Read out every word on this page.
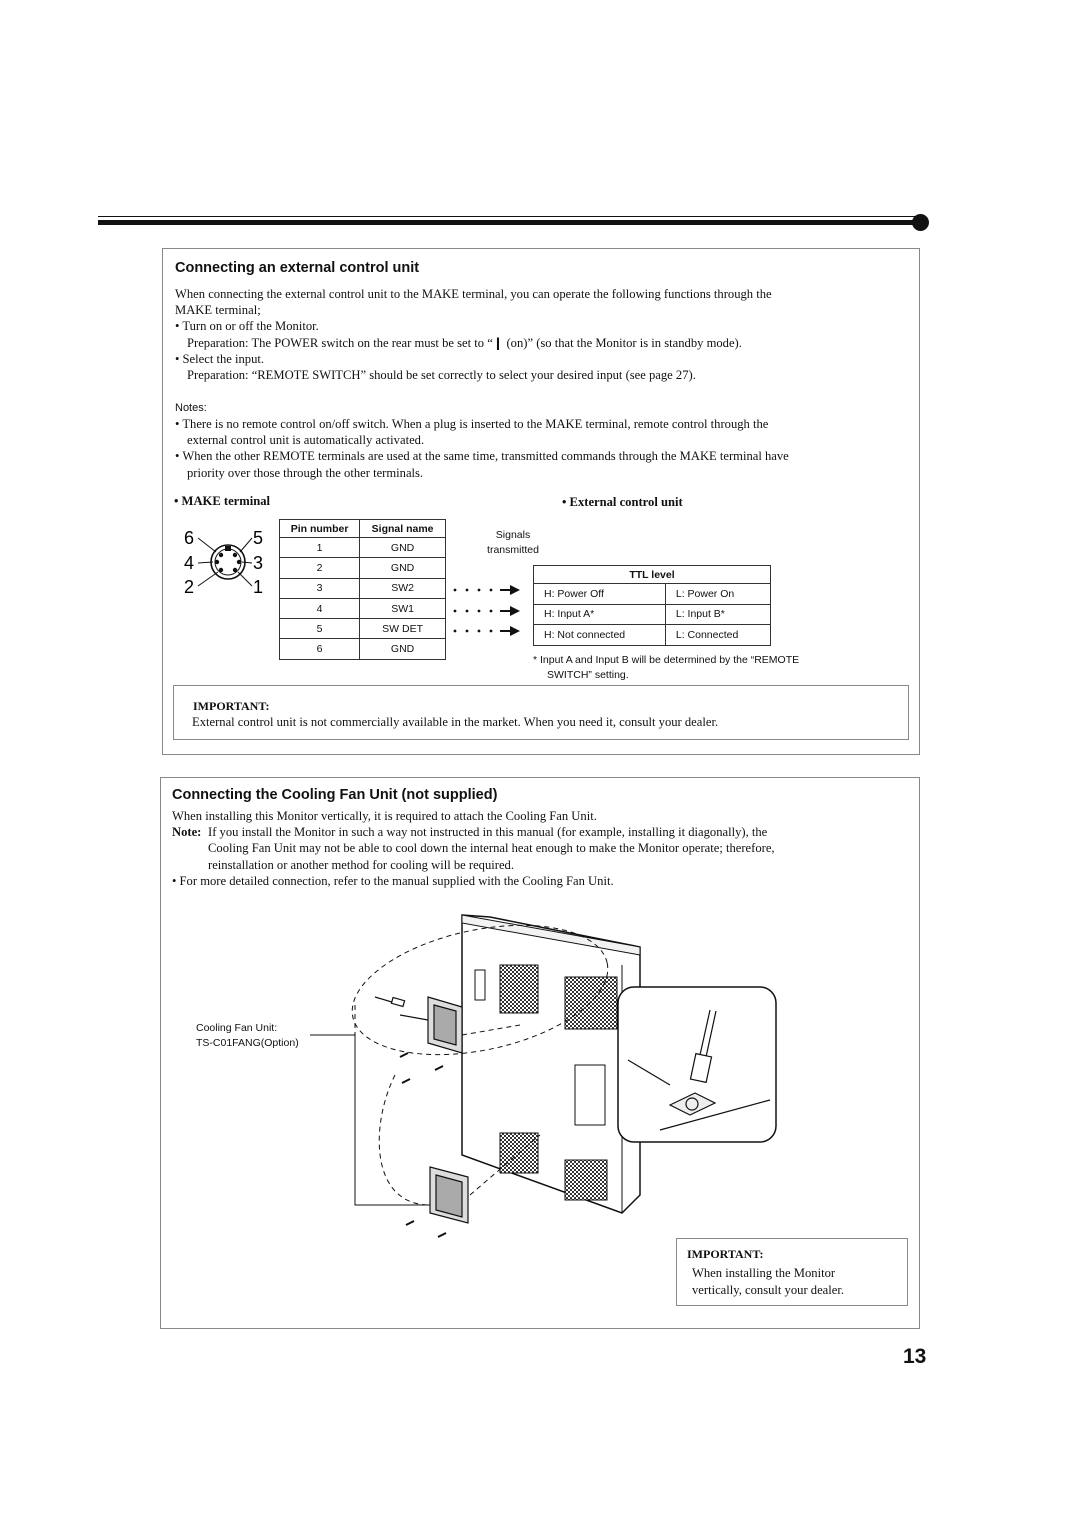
Connecting an external control unit
When connecting the external control unit to the MAKE terminal, you can operate the following functions through the
MAKE terminal;
• Turn on or off the Monitor.
Preparation: The POWER switch on the rear must be set to “❙ (on)” (so that the Monitor is in standby mode).
• Select the input.
Preparation: “REMOTE SWITCH” should be set correctly to select your desired input (see page 27).
Notes:
• There is no remote control on/off switch. When a plug is inserted to the MAKE terminal, remote control through the
external control unit is automatically activated.
• When the other REMOTE terminals are used at the same time, transmitted commands through the MAKE terminal have
priority over those through the other terminals.
• MAKE terminal	• External control unit
6	5
4	3
2	1
Pin number	Signal name
1	GND
2	GND
3	SW2
4	SW1
5	SW DET
6	GND
Signals
transmitted
TTL level	
H: Power Off	L: Power On
H: Input A*	L: Input B*
H: Not connected	L: Connected
* Input A and Input B will be determined by the “REMOTE
SWITCH” setting.
IMPORTANT:
External control unit is not commercially available in the market. When you need it, consult your dealer.
Connecting the Cooling Fan Unit (not supplied)
When installing this Monitor vertically, it is required to attach the Cooling Fan Unit.
Note: If you install the Monitor in such a way not instructed in this manual (for example, installing it diagonally), the
Cooling Fan Unit may not be able to cool down the internal heat enough to make the Monitor operate; therefore,
reinstallation or another method for cooling will be required.
• For more detailed connection, refer to the manual supplied with the Cooling Fan Unit.
Cooling Fan Unit:
TS-C01FANG(Option)
IMPORTANT:
When installing the Monitor
vertically, consult your dealer.
13
